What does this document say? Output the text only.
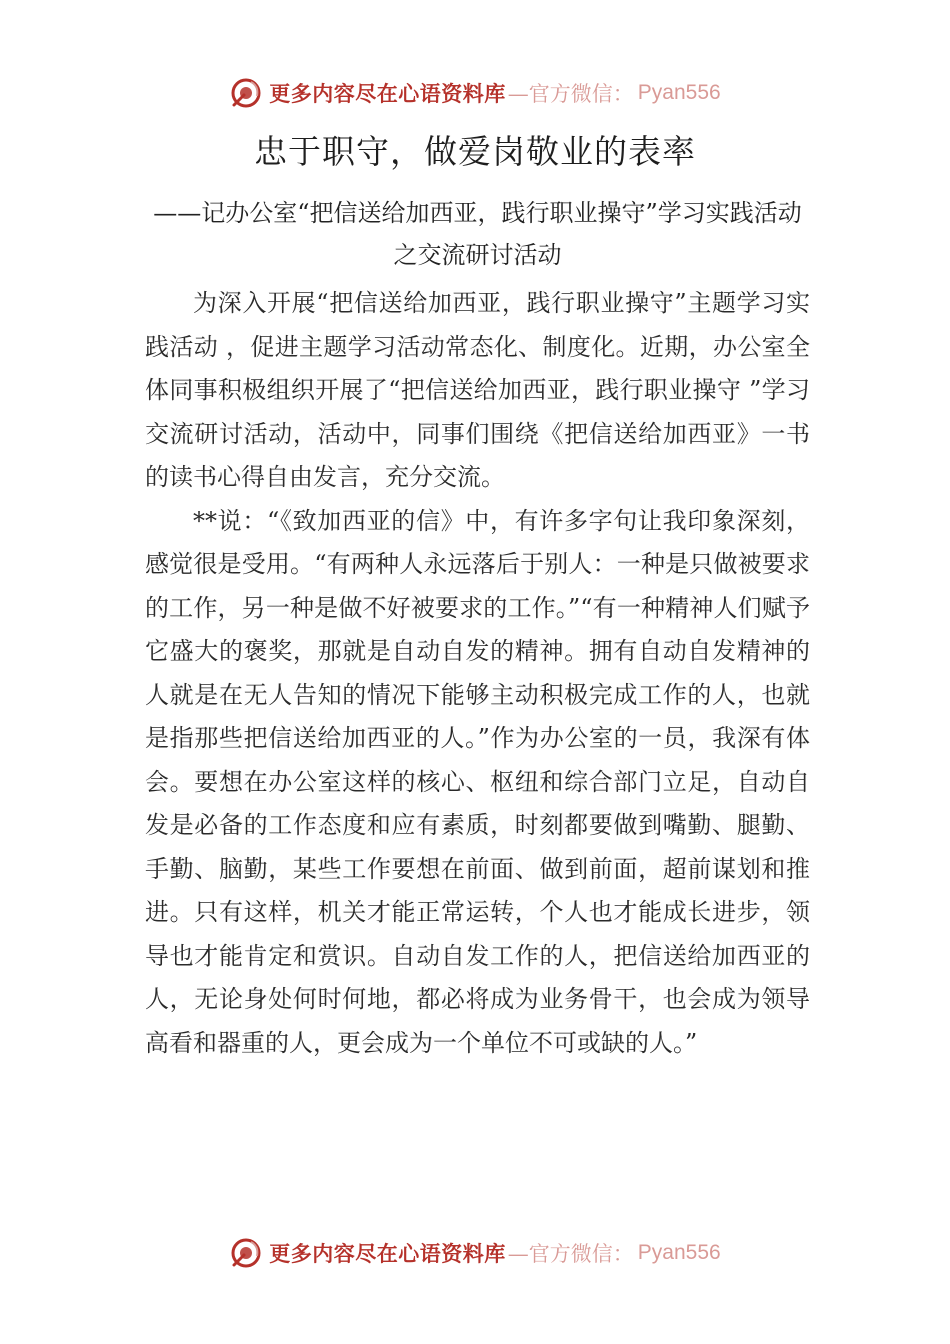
更多内容尽在心语资料库 —官方微信： Pyan556
忠于职守，做爱岗敬业的表率
——记办公室“把信送给加西亚，践行职业操守”学习实践活动之交流研讨活动

为深入开展“把信送给加西亚，践行职业操守”主题学习实践活动 ，促进主题学习活动常态化、制度化。近期，办公室全体同事积极组织开展了“把信送给加西亚，践行职业操守 ”学习交流研讨活动，活动中，同事们围绕《把信送给加西亚》一书的读书心得自由发言，充分交流。

**说：“《致加西亚的信》中，有许多字句让我印象深刻，感觉很是受用。“有两种人永远落后于别人：一种是只做被要求的工作，另一种是做不好被要求的工作。”“有一种精神人们赋予它盛大的褒奖，那就是自动自发的精神。拥有自动自发精神的人就是在无人告知的情况下能够主动积极完成工作的人，也就是指那些把信送给加西亚的人。”作为办公室的一员，我深有体会。要想在办公室这样的核心、枢纽和综合部门立足，自动自发是必备的工作态度和应有素质，时刻都要做到嘴勤、腿勤、手勤、脑勤，某些工作要想在前面、做到前面，超前谋划和推进。只有这样，机关才能正常运转，个人也才能成长进步，领导也才能肯定和赏识。自动自发工作的人，把信送给加西亚的人，无论身处何时何地，都必将成为业务骨干，也会成为领导高看和器重的人，更会成为一个单位不可或缺的人。”

更多内容尽在心语资料库 —官方微信： Pyan556
